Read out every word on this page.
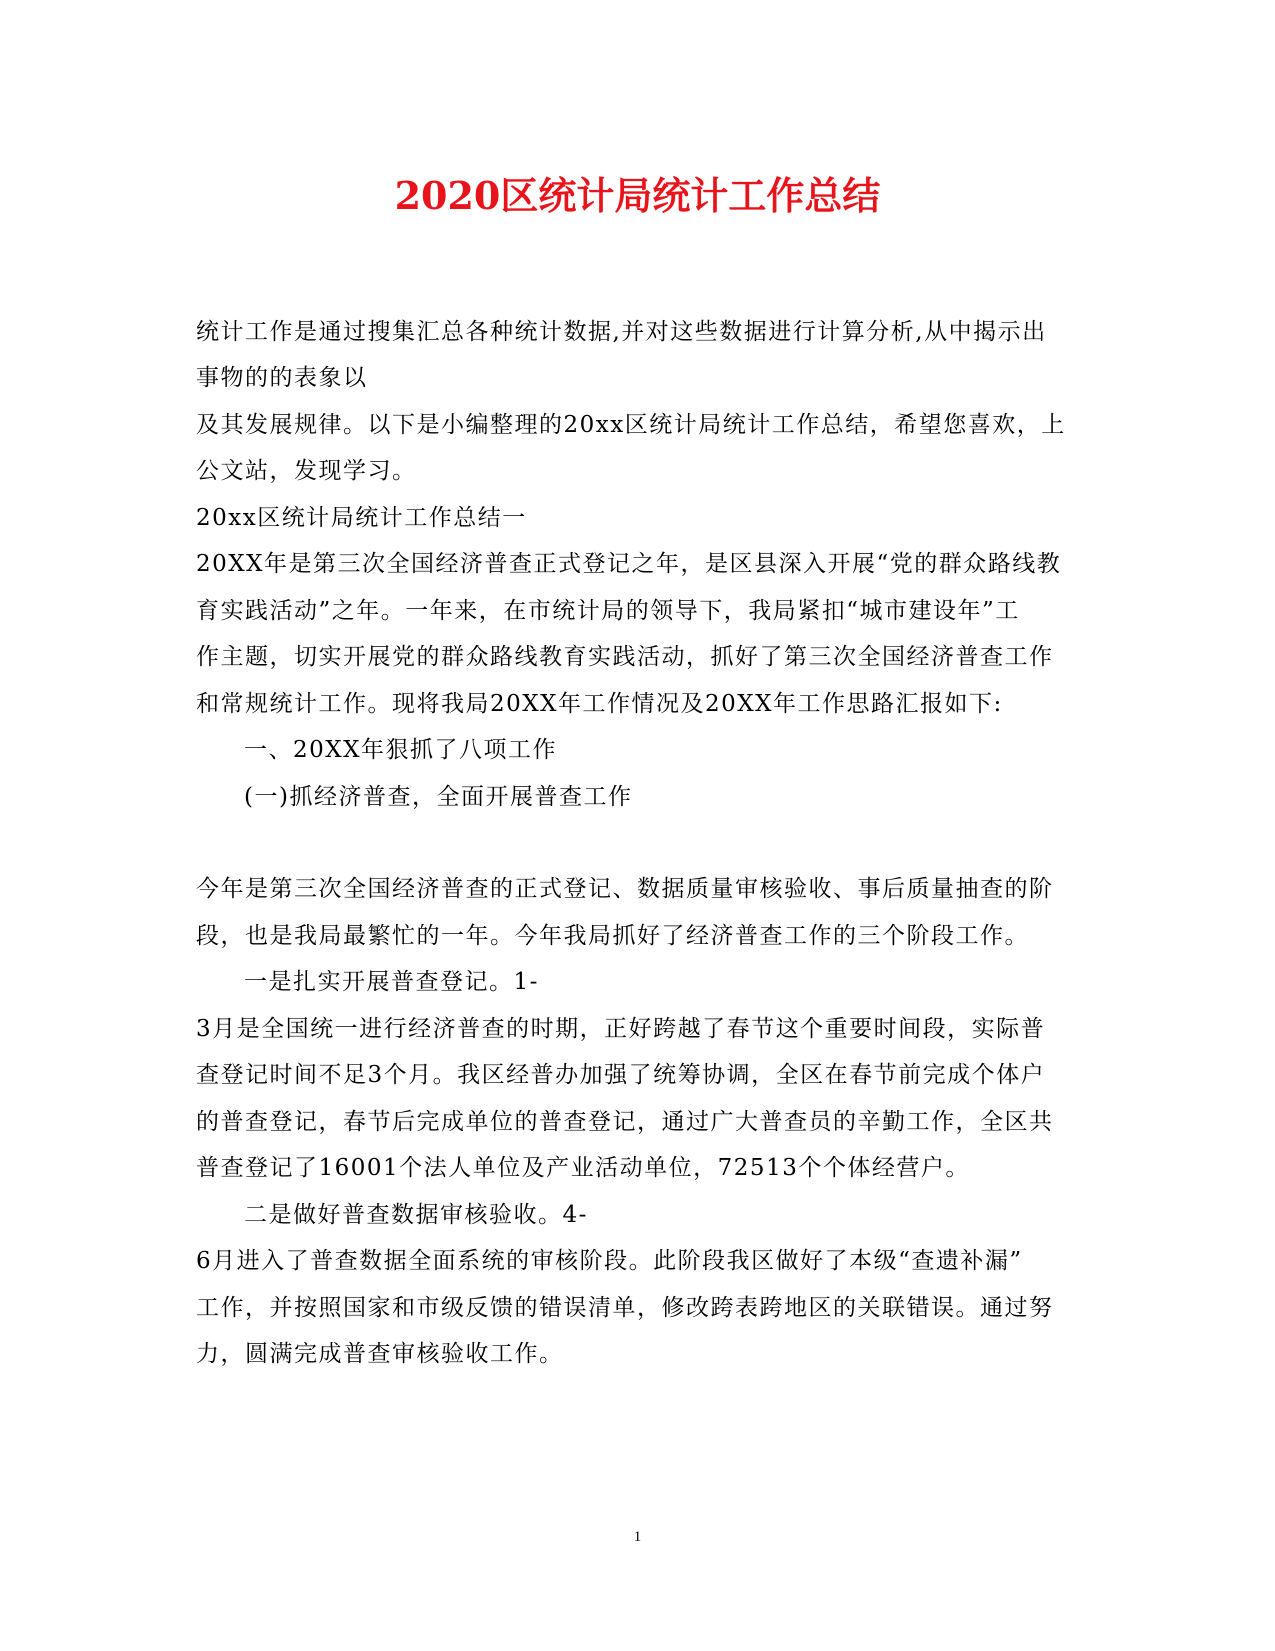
2020区统计局统计工作总结
统计工作是通过搜集汇总各种统计数据,并对这些数据进行计算分析,从中揭示出
事物的的表象以
及其发展规律。以下是小编整理的20xx区统计局统计工作总结，希望您喜欢，上
公文站，发现学习。
20xx区统计局统计工作总结一
20XX年是第三次全国经济普查正式登记之年，是区县深入开展“党的群众路线教
育实践活动”之年。一年来，在市统计局的领导下，我局紧扣“城市建设年”工
作主题，切实开展党的群众路线教育实践活动，抓好了第三次全国经济普查工作
和常规统计工作。现将我局20XX年工作情况及20XX年工作思路汇报如下:
一、20XX年狠抓了八项工作
(一)抓经济普查，全面开展普查工作
今年是第三次全国经济普查的正式登记、数据质量审核验收、事后质量抽查的阶
段，也是我局最繁忙的一年。今年我局抓好了经济普查工作的三个阶段工作。
一是扎实开展普查登记。1-
3月是全国统一进行经济普查的时期，正好跨越了春节这个重要时间段，实际普
查登记时间不足3个月。我区经普办加强了统筹协调，全区在春节前完成个体户
的普查登记，春节后完成单位的普查登记，通过广大普查员的辛勤工作，全区共
普查登记了16001个法人单位及产业活动单位，72513个个体经营户。
二是做好普查数据审核验收。4-
6月进入了普查数据全面系统的审核阶段。此阶段我区做好了本级“查遗补漏”
工作，并按照国家和市级反馈的错误清单，修改跨表跨地区的关联错误。通过努
力，圆满完成普查审核验收工作。
1
